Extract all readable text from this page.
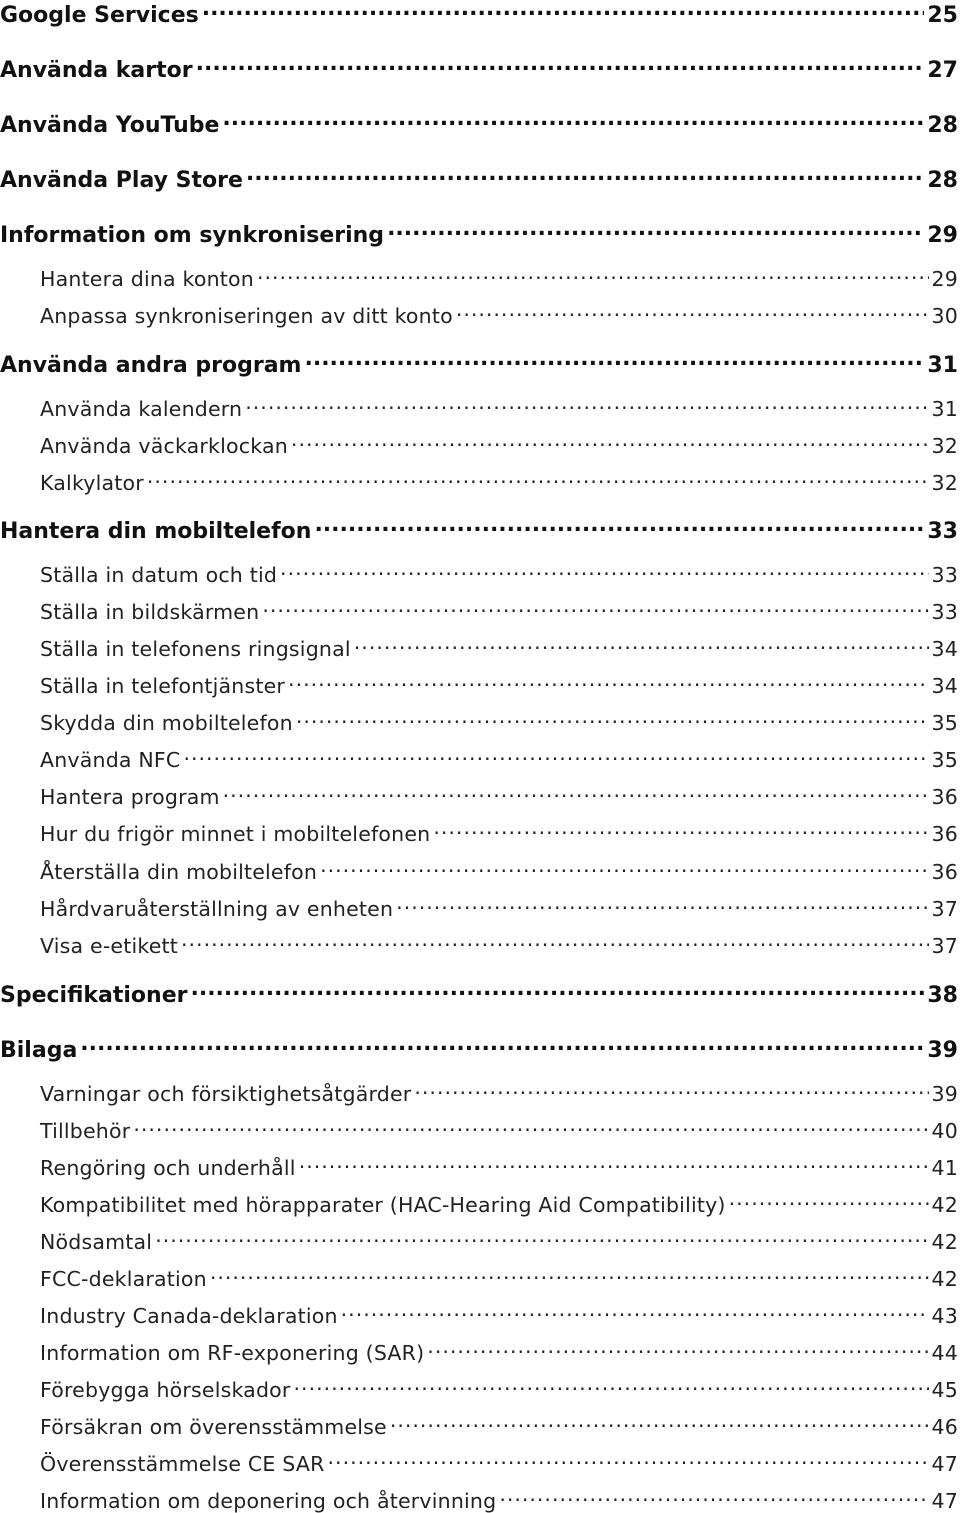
Google Services .....	25
Använda kartor .....	27
Använda YouTube .....	28
Använda Play Store .....	28
Information om synkronisering .....	29
Hantera dina konton .....	29
Anpassa synkroniseringen av ditt konto .....	30
Använda andra program .....	31
Använda kalendern .....	31
Använda väckarklockan .....	32
Kalkylator .....	32
Hantera din mobiltelefon .....	33
Ställa in datum och tid .....	33
Ställa in bildskärmen .....	33
Ställa in telefonens ringsignal .....	34
Ställa in telefontjänster .....	34
Skydda din mobiltelefon .....	35
Använda NFC .....	35
Hantera program .....	36
Hur du frigör minnet i mobiltelefonen .....	36
Återställa din mobiltelefon .....	36
Hårdvaruåterställning av enheten .....	37
Visa e-etikett .....	37
Specifikationer .....	38
Bilaga .....	39
Varningar och försiktighetsåtgärder .....	39
Tillbehör .....	40
Rengöring och underhåll .....	41
Kompatibilitet med hörapparater (HAC-Hearing Aid Compatibility) .....	42
Nödsamtal .....	42
FCC-deklaration .....	42
Industry Canada-deklaration .....	43
Information om RF-exponering (SAR) .....	44
Förebygga hörselskador .....	45
Försäkran om överensstämmelse .....	46
Överensstämmelse CE SAR .....	47
Information om deponering och återvinning .....	47
